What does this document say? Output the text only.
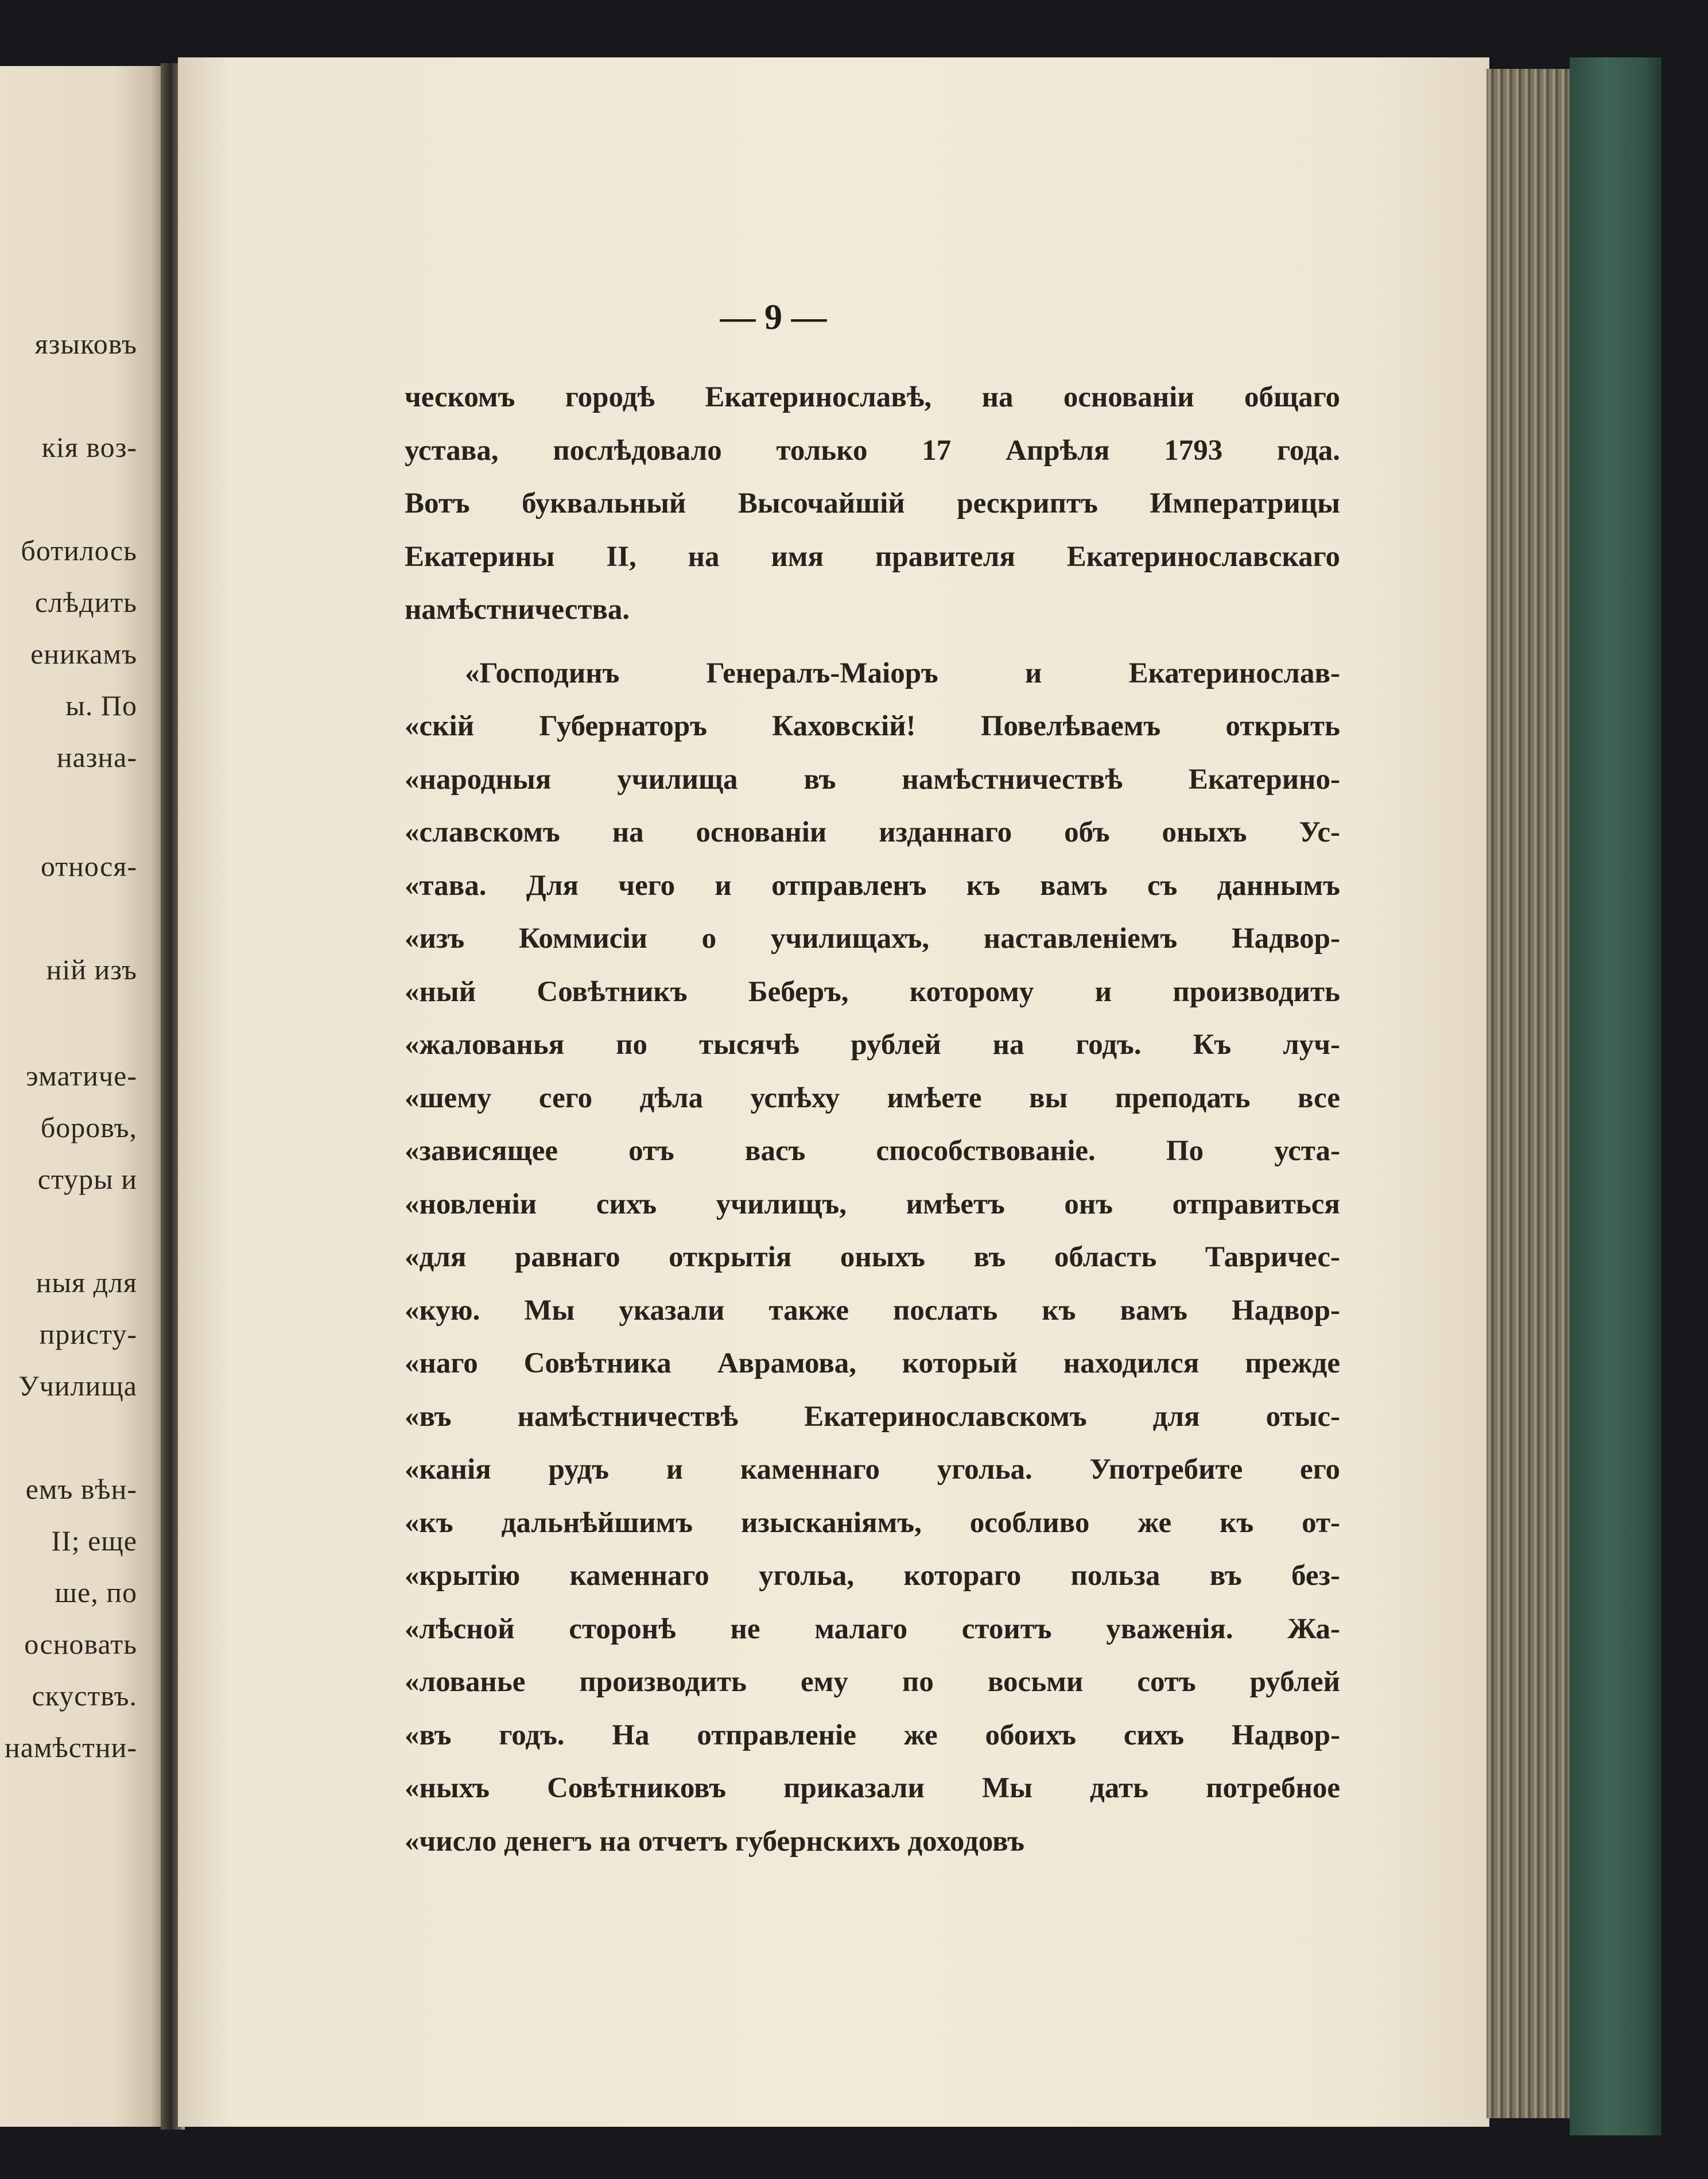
языковъ
кія воз-
ботилось
слѣдить
еникамъ
ы. По
назна-
относя-
ній изъ
эматиче-
боровъ,
стуры и
ныя для
присту-
Училища
емъ вѣн-
II; еще
ше, по
основать
скуствъ.
намѣстни-
— 9 —
ческомъ городѣ Екатеринославѣ, на основаніи общаго
устава, послѣдовало только 17 Апрѣля 1793 года.
Вотъ буквальный Высочайшій рескриптъ Императрицы
Екатерины II, на имя правителя Екатеринославскаго
намѣстничества.
«Господинъ Генералъ-Маіоръ и Екатеринослав-
«скій Губернаторъ Каховскій! Повелѣваемъ открыть
«народныя училища въ намѣстничествѣ Екатерино-
«славскомъ на основаніи изданнаго объ оныхъ Ус-
«тава. Для чего и отправленъ къ вамъ съ даннымъ
«изъ Коммисіи о училищахъ, наставленіемъ Надвор-
«ный Совѣтникъ Беберъ, которому и производить
«жалованья по тысячѣ рублей на годъ. Къ луч-
«шему сего дѣла успѣху имѣете вы преподать все
«зависящее отъ васъ способствованіе. По уста-
«новленіи сихъ училищъ, имѣетъ онъ отправиться
«для равнаго открытія оныхъ въ область Тавричес-
«кую. Мы указали также послать къ вамъ Надвор-
«наго Совѣтника Аврамова, который находился прежде
«въ намѣстничествѣ Екатеринославскомъ для отыс-
«канія рудъ и каменнаго угольа. Употребите его
«къ дальнѣйшимъ изысканіямъ, особливо же къ от-
«крытію каменнаго угольа, котораго польза въ без-
«лѣсной сторонѣ не малаго стоитъ уваженія. Жа-
«лованье производить ему по восьми сотъ рублей
«въ годъ. На отправленіе же обоихъ сихъ Надвор-
«ныхъ Совѣтниковъ приказали Мы дать потребное
«число денегъ на отчетъ губернскихъ доходовъ
